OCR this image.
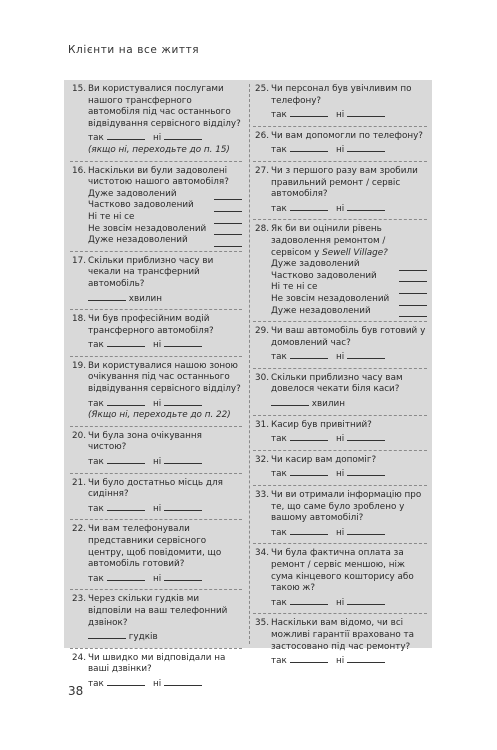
Клієнти на все життя
15. Ви користувалися послугами нашого трансферного автомобіля під час останнього відвідування сервісного відділу?
так	ні
(якщо ні, переходьте до п. 15)
16. Наскільки ви були задоволені чистотою нашого автомобіля?
Дуже задоволений
Частково задоволений
Ні те ні се
Не зовсім незадоволений
Дуже незадоволений
17. Скільки приблизно часу ви чекали на трансферний автомобіль?
хвилин
18. Чи був професійним водій трансферного автомобіля?
так	ні
19. Ви користувалися нашою зоною очікування під час останнього відвідування сервісного відділу?
так	ні
(Якщо ні, переходьте до п. 22)
20. Чи була зона очікування чистою?
так	ні
21. Чи було достатньо місць для сидіння?
так	ні
22. Чи вам телефонували представники сервісного центру, щоб повідомити, що автомобіль готовий?
так	ні
23. Через скільки гудків ми відповіли на ваш телефонний дзвінок?
гудків
24. Чи швидко ми відповідали на ваші дзвінки?
так	ні
25. Чи персонал був увічливим по телефону?
так	ні
26. Чи вам допомогли по телефону?
так	ні
27. Чи з першого разу вам зробили правильний ремонт / сервіс автомобіля?
так	ні
28. Як би ви оцінили рівень задоволення ремонтом / сервісом у Sewell Village?
Дуже задоволений
Частково задоволений
Ні те ні се
Не зовсім незадоволений
Дуже незадоволений
29. Чи ваш автомобіль був готовий у домовлений час?
так	ні
30. Скільки приблизно часу вам довелося чекати біля каси?
хвилин
31. Касир був привітний?
так	ні
32. Чи касир вам допоміг?
так	ні
33. Чи ви отримали інформацію про те, що саме було зроблено у вашому автомобілі?
так	ні
34. Чи була фактична оплата за ремонт / сервіс меншою, ніж сума кінцевого кошторису або такою ж?
так	ні
35. Наскільки вам відомо, чи всі можливі гарантії враховано та застосовано під час ремонту?
так	ні
38
